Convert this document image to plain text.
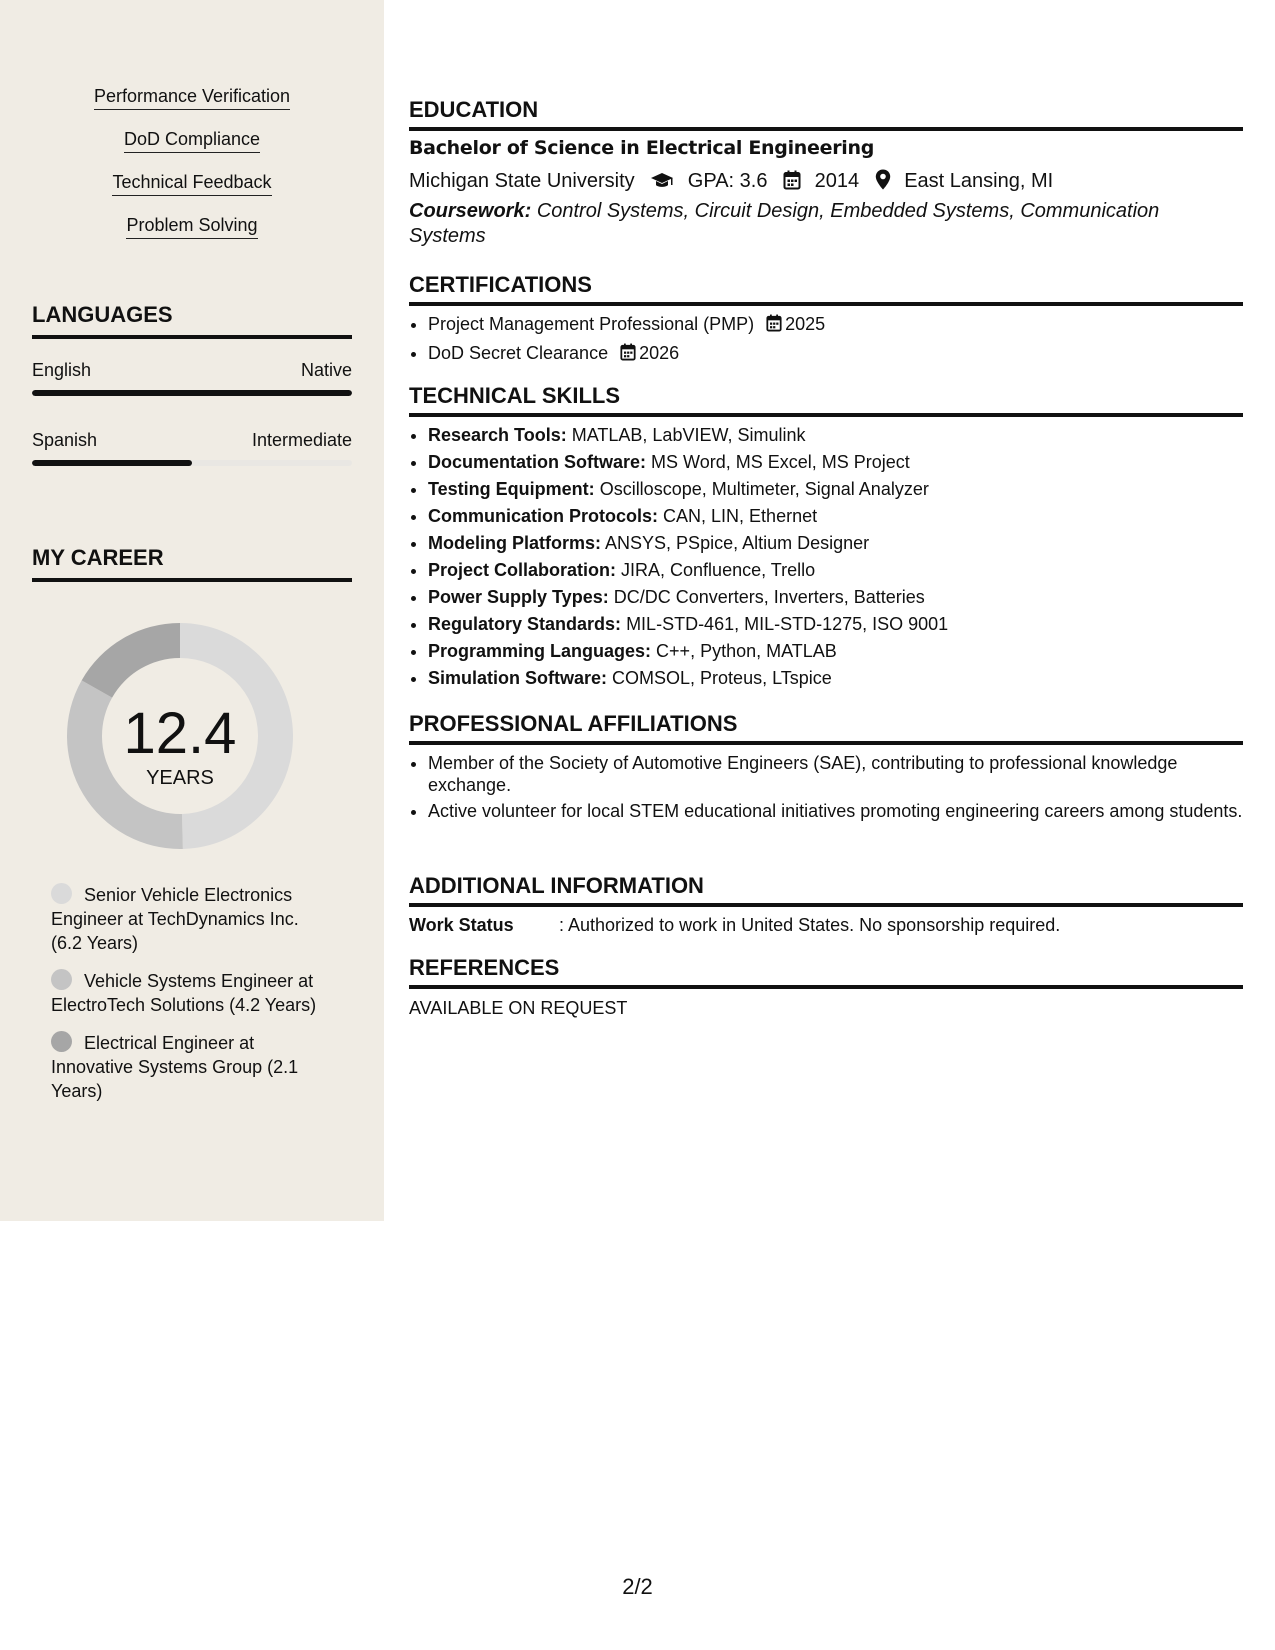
Performance Verification
DoD Compliance
Technical Feedback
Problem Solving
LANGUAGES
English	Native
Spanish	Intermediate
MY CAREER
12.4
YEARS
Senior Vehicle Electronics Engineer at TechDynamics Inc. (6.2 Years)
Vehicle Systems Engineer at ElectroTech Solutions (4.2 Years)
Electrical Engineer at Innovative Systems Group (2.1 Years)
EDUCATION
Bachelor of Science in Electrical Engineering
Michigan State University	GPA: 3.6 2014 East Lansing, MI
Coursework: Control Systems, Circuit Design, Embedded Systems, Communication Systems
CERTIFICATIONS
• Project Management Professional (PMP) 2025
• DoD Secret Clearance 2026
TECHNICAL SKILLS
• Research Tools: MATLAB, LabVIEW, Simulink
• Documentation Software: MS Word, MS Excel, MS Project
• Testing Equipment: Oscilloscope, Multimeter, Signal Analyzer
• Communication Protocols: CAN, LIN, Ethernet
• Modeling Platforms: ANSYS, PSpice, Altium Designer
• Project Collaboration: JIRA, Confluence, Trello
• Power Supply Types: DC/DC Converters, Inverters, Batteries
• Regulatory Standards: MIL-STD-461, MIL-STD-1275, ISO 9001
• Programming Languages: C++, Python, MATLAB
• Simulation Software: COMSOL, Proteus, LTspice
PROFESSIONAL AFFILIATIONS
• Member of the Society of Automotive Engineers (SAE), contributing to professional knowledge exchange.
• Active volunteer for local STEM educational initiatives promoting engineering careers among students.
ADDITIONAL INFORMATION
Work Status	: Authorized to work in United States. No sponsorship required.
REFERENCES
AVAILABLE ON REQUEST
2/2
